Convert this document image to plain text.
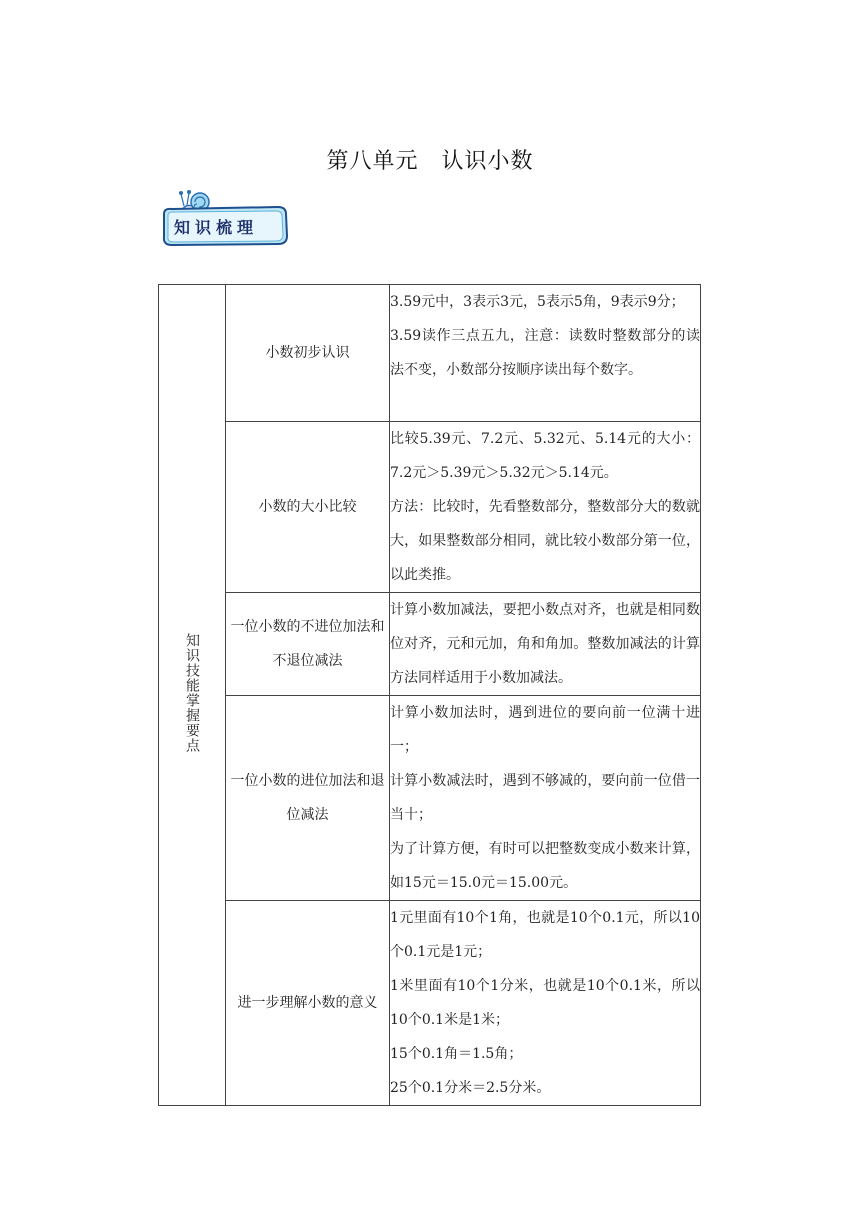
第八单元　认识小数
知识梳理
知识技能掌握要点	小数初步认识	3.59元中，3表示3元，5表示5角，9表示9分；
3.59读作三点五九，注意：读数时整数部分的读法不变，小数部分按顺序读出每个数字。

	小数的大小比较	比较5.39元、7.2元、5.32元、5.14元的大小：7.2元＞5.39元＞5.32元＞5.14元。
方法：比较时，先看整数部分，整数部分大的数就大，如果整数部分相同，就比较小数部分第一位，以此类推。

	一位小数的不进位加法和不退位减法	计算小数加减法，要把小数点对齐，也就是相同数位对齐，元和元加，角和角加。整数加减法的计算方法同样适用于小数加减法。

	一位小数的进位加法和退位减法	计算小数加法时，遇到进位的要向前一位满十进一；
计算小数减法时，遇到不够减的，要向前一位借一当十；
为了计算方便，有时可以把整数变成小数来计算，如15元＝15.0元＝15.00元。

	进一步理解小数的意义	1元里面有10个1角，也就是10个0.1元，所以10个0.1元是1元；
1米里面有10个1分米，也就是10个0.1米，所以10个0.1米是1米；
15个0.1角＝1.5角；
25个0.1分米＝2.5分米。
